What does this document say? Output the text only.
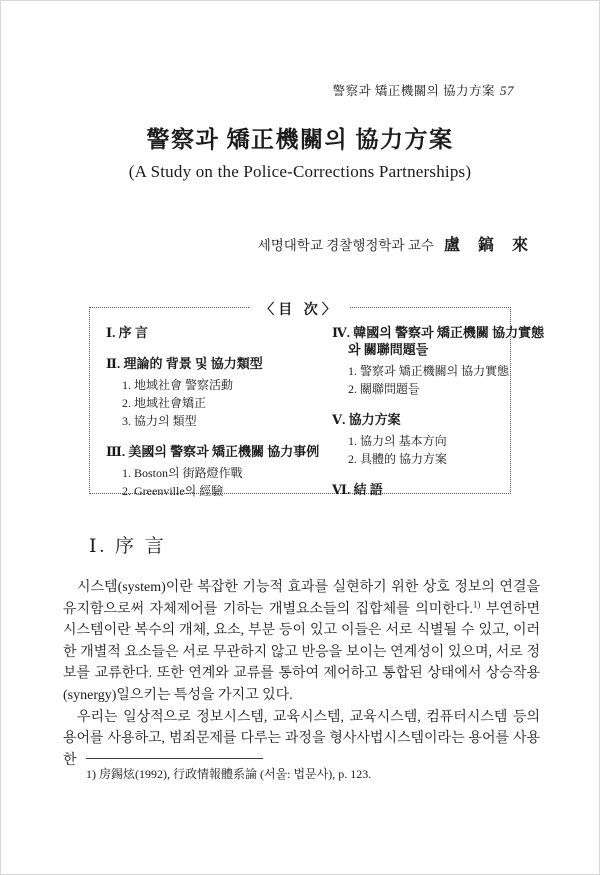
警察과 矯正機關의 協力方案 57
警察과 矯正機關의 協力方案
(A Study on the Police-Corrections Partnerships)
세명대학교 경찰행정학과 교수 盧 鎬 來
〈目 次〉
Ⅰ. 序 言
Ⅱ. 理論的 背景 및 協力類型
1. 地域社會 警察活動
2. 地域社會矯正
3. 協力의 類型
Ⅲ. 美國의 警察과 矯正機關 協力事例
1. Boston의 街路燈作戰
2. Greenville의 經驗
Ⅳ. 韓國의 警察과 矯正機關 協力實態
와 關聯問題들
1. 警察과 矯正機關의 協力實態
2. 關聯問題들
Ⅴ. 協力方案
1. 協力의 基本方向
2. 具體的 協力方案
Ⅵ. 結 語
Ⅰ. 序 言

시스템(system)이란 복잡한 기능적 효과를 실현하기 위한 상호 정보의 연결을 유지함으로써 자체제어를 기하는 개별요소들의 집합체를 의미한다.$^{1)}$ 부연하면 시스템이란 복수의 개체, 요소, 부분 등이 있고 이들은 서로 식별될 수 있고, 이러한 개별적 요소들은 서로 무관하지 않고 반응을 보이는 연계성이 있으며, 서로 정보를 교류한다. 또한 연계와 교류를 통하여 제어하고 통합된 상태에서 상승작용(synergy)일으키는 특성을 가지고 있다.

우리는 일상적으로 정보시스템, 교육시스템, 교육시스템, 컴퓨터시스템 등의 용어를 사용하고, 범죄문제를 다루는 과정을 형사사법시스템이라는 용어를 사용한

1) 房錫炫(1992), 行政情報體系論 (서울: 법문사), p. 123.
